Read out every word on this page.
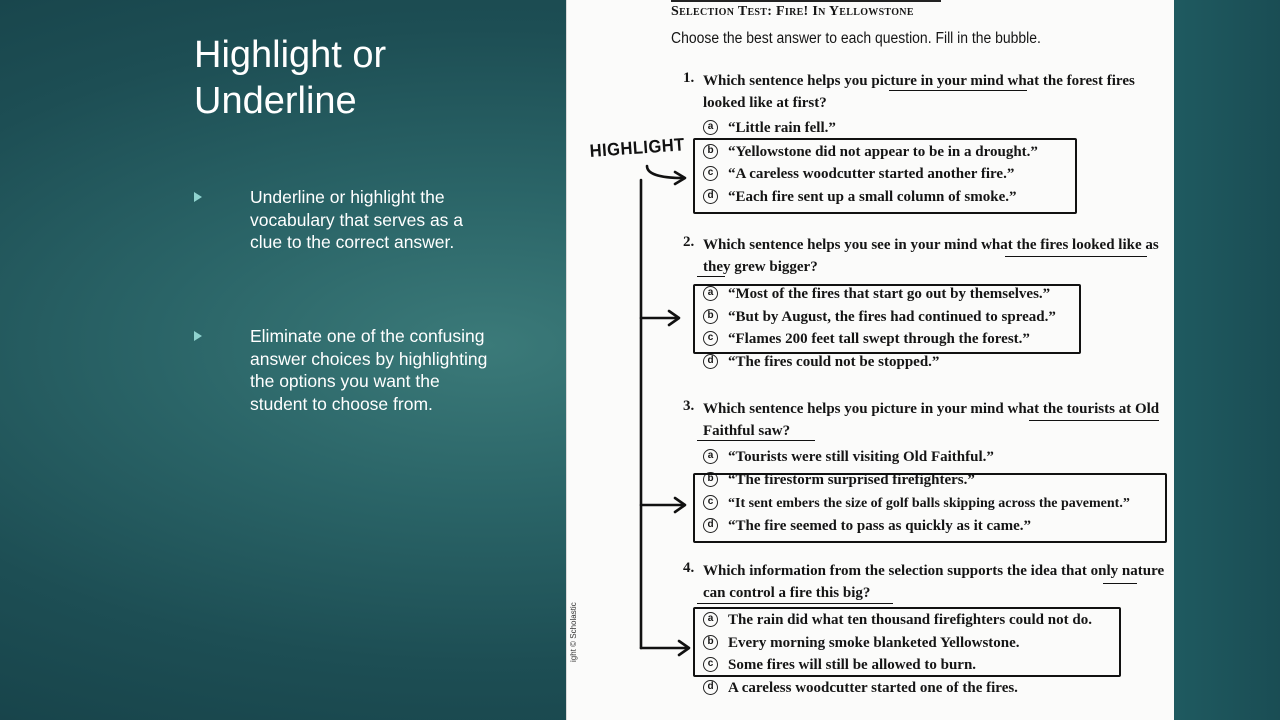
Highlight or Underline
Underline or highlight the vocabulary that serves as a clue to the correct answer.
Eliminate one of the confusing answer choices by highlighting the options you want the student to choose from.
Selection Test: Fire! In Yellowstone
Choose the best answer to each question. Fill in the bubble.
1. Which sentence helps you picture in your mind what the forest fires looked like at first?
a “Little rain fell.”
b “Yellowstone did not appear to be in a drought.”
c “A careless woodcutter started another fire.”
d “Each fire sent up a small column of smoke.”
2. Which sentence helps you see in your mind what the fires looked like as they grew bigger?
a “Most of the fires that start go out by themselves.”
b “But by August, the fires had continued to spread.”
c “Flames 200 feet tall swept through the forest.”
d “The fires could not be stopped.”
3. Which sentence helps you picture in your mind what the tourists at Old Faithful saw?
a “Tourists were still visiting Old Faithful.”
b “The firestorm surprised firefighters.”
c “It sent embers the size of golf balls skipping across the pavement.”
d “The fire seemed to pass as quickly as it came.”
4. Which information from the selection supports the idea that only nature can control a fire this big?
a The rain did what ten thousand firefighters could not do.
b Every morning smoke blanketed Yellowstone.
c Some fires will still be allowed to burn.
d A careless woodcutter started one of the fires.
HIGHLIGHT
ight © Scholastic
